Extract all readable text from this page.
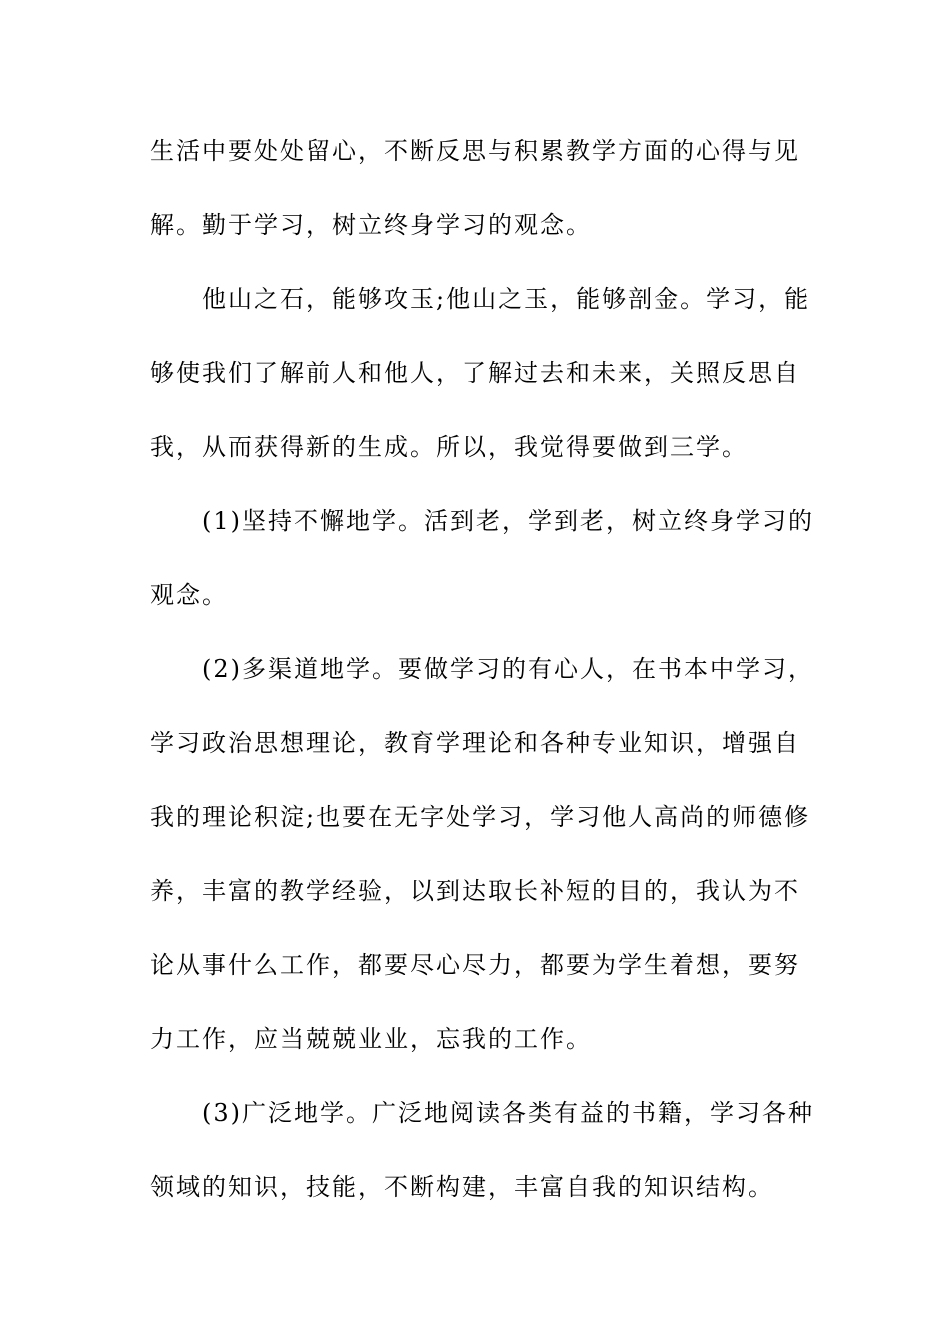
生活中要处处留心，不断反思与积累教学方面的心得与见
解。勤于学习，树立终身学习的观念。
他山之石，能够攻玉;他山之玉，能够剖金。学习，能
够使我们了解前人和他人，了解过去和未来，关照反思自
我，从而获得新的生成。所以，我觉得要做到三学。
(1)坚持不懈地学。活到老，学到老，树立终身学习的
观念。
(2)多渠道地学。要做学习的有心人，在书本中学习，
学习政治思想理论，教育学理论和各种专业知识，增强自
我的理论积淀;也要在无字处学习，学习他人高尚的师德修
养，丰富的教学经验，以到达取长补短的目的，我认为不
论从事什么工作，都要尽心尽力，都要为学生着想，要努
力工作，应当兢兢业业，忘我的工作。
(3)广泛地学。广泛地阅读各类有益的书籍，学习各种
领域的知识，技能，不断构建，丰富自我的知识结构。
